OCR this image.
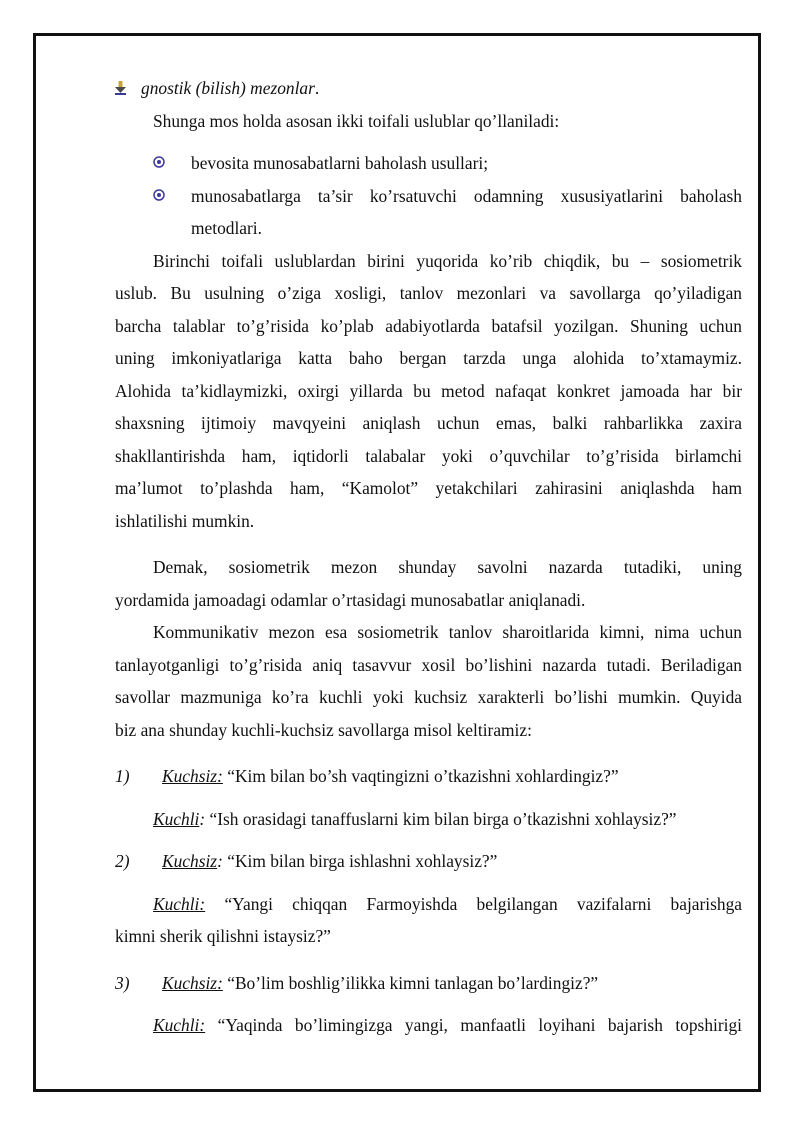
gnostik (bilish) mezonlar.
Shunga mos holda asosan ikki toifali uslublar qo’llaniladi:
bevosita munosabatlarni baholash usullari;
munosabatlarga ta’sir ko’rsatuvchi odamning xususiyatlarini baholash
metodlari.
Birinchi toifali uslublardan birini yuqorida ko’rib chiqdik, bu – sosiometrik
uslub. Bu usulning o’ziga xosligi, tanlov mezonlari va savollarga qo’yiladigan
barcha talablar to’g’risida ko’plab adabiyotlarda batafsil yozilgan. Shuning uchun
uning imkoniyatlariga katta baho bergan tarzda unga alohida to’xtamaymiz.
Alohida ta’kidlaymizki, oxirgi yillarda bu metod nafaqat konkret jamoada har bir
shaxsning ijtimoiy mavqyeini aniqlash uchun emas, balki rahbarlikka zaxira
shakllantirishda ham, iqtidorli talabalar yoki o’quvchilar to’g’risida birlamchi
ma’lumot to’plashda ham, “Kamolot” yetakchilari zahirasini aniqlashda ham
ishlatilishi mumkin.
Demak, sosiometrik mezon shunday savolni nazarda tutadiki, uning
yordamida jamoadagi odamlar o’rtasidagi munosabatlar aniqlanadi.
Kommunikativ mezon esa sosiometrik tanlov sharoitlarida kimni, nima uchun
tanlayotganligi to’g’risida aniq tasavvur xosil bo’lishini nazarda tutadi. Beriladigan
savollar mazmuniga ko’ra kuchli yoki kuchsiz xarakterli bo’lishi mumkin. Quyida
biz ana shunday kuchli-kuchsiz savollarga misol keltiramiz:
1) Kuchsiz: “Kim bilan bo’sh vaqtingizni o’tkazishni xohlardingiz?”
Kuchli: “Ish orasidagi tanaffuslarni kim bilan birga o’tkazishni xohlaysiz?”
2) Kuchsiz: “Kim bilan birga ishlashni xohlaysiz?”
Kuchli: “Yangi chiqqan Farmoyishda belgilangan vazifalarni bajarishga
kimni sherik qilishni istaysiz?”
3) Kuchsiz: “Bo’lim boshlig’ilikka kimni tanlagan bo’lardingiz?”
Kuchli: “Yaqinda bo’limingizga yangi, manfaatli loyihani bajarish topshirigi
